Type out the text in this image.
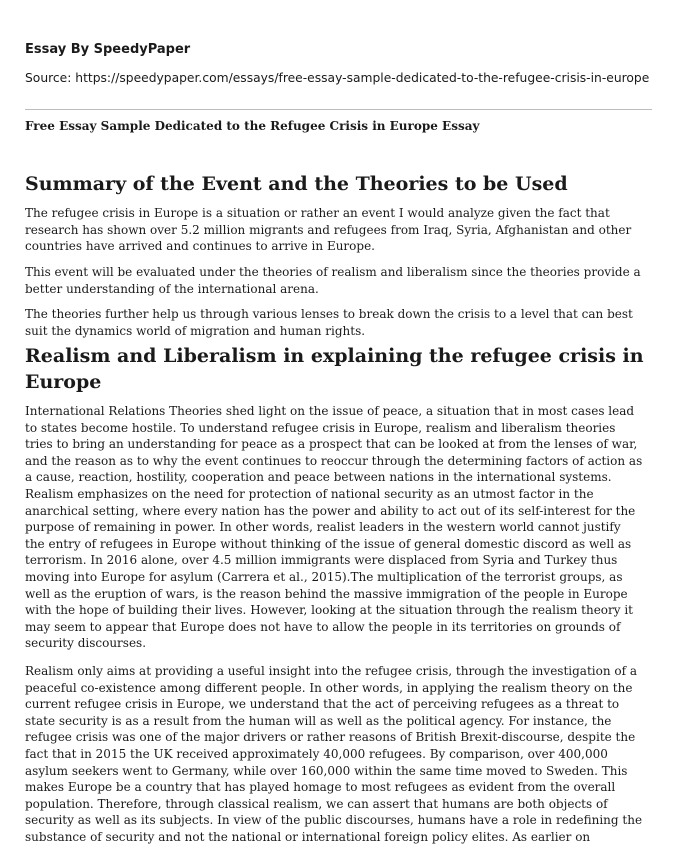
Essay By SpeedyPaper
Source: https://speedypaper.com/essays/free-essay-sample-dedicated-to-the-refugee-crisis-in-europe
Free Essay Sample Dedicated to the Refugee Crisis in Europe Essay
Summary of the Event and the Theories to be Used

The refugee crisis in Europe is a situation or rather an event I would analyze given the fact that
research has shown over 5.2 million migrants and refugees from Iraq, Syria, Afghanistan and other
countries have arrived and continues to arrive in Europe.

This event will be evaluated under the theories of realism and liberalism since the theories provide a
better understanding of the international arena.

The theories further help us through various lenses to break down the crisis to a level that can best
suit the dynamics world of migration and human rights.

Realism and Liberalism in explaining the refugee crisis in
Europe

International Relations Theories shed light on the issue of peace, a situation that in most cases lead
to states become hostile. To understand refugee crisis in Europe, realism and liberalism theories
tries to bring an understanding for peace as a prospect that can be looked at from the lenses of war,
and the reason as to why the event continues to reoccur through the determining factors of action as
a cause, reaction, hostility, cooperation and peace between nations in the international systems.
Realism emphasizes on the need for protection of national security as an utmost factor in the
anarchical setting, where every nation has the power and ability to act out of its self-interest for the
purpose of remaining in power. In other words, realist leaders in the western world cannot justify
the entry of refugees in Europe without thinking of the issue of general domestic discord as well as
terrorism. In 2016 alone, over 4.5 million immigrants were displaced from Syria and Turkey thus
moving into Europe for asylum (Carrera et al., 2015).The multiplication of the terrorist groups, as
well as the eruption of wars, is the reason behind the massive immigration of the people in Europe
with the hope of building their lives. However, looking at the situation through the realism theory it
may seem to appear that Europe does not have to allow the people in its territories on grounds of
security discourses.

Realism only aims at providing a useful insight into the refugee crisis, through the investigation of a
peaceful co-existence among different people. In other words, in applying the realism theory on the
current refugee crisis in Europe, we understand that the act of perceiving refugees as a threat to
state security is as a result from the human will as well as the political agency. For instance, the
refugee crisis was one of the major drivers or rather reasons of British Brexit-discourse, despite the
fact that in 2015 the UK received approximately 40,000 refugees. By comparison, over 400,000
asylum seekers went to Germany, while over 160,000 within the same time moved to Sweden. This
makes Europe be a country that has played homage to most refugees as evident from the overall
population. Therefore, through classical realism, we can assert that humans are both objects of
security as well as its subjects. In view of the public discourses, humans have a role in redefining the
substance of security and not the national or international foreign policy elites. As earlier on
